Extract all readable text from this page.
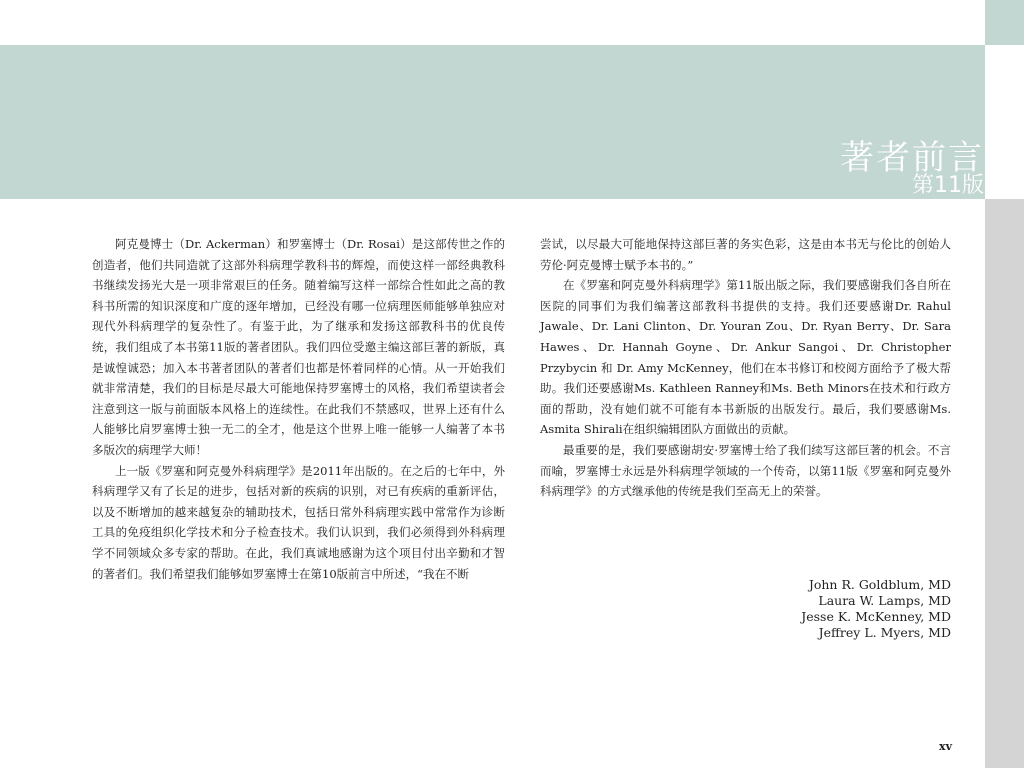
著者前言
第11版

阿克曼博士（Dr. Ackerman）和罗塞博士（Dr. Rosai）是这部传世之作的创造者，他们共同造就了这部外科病理学教科书的辉煌，而使这样一部经典教科书继续发扬光大是一项非常艰巨的任务。随着编写这样一部综合性如此之高的教科书所需的知识深度和广度的逐年增加，已经没有哪一位病理医师能够单独应对现代外科病理学的复杂性了。有鉴于此，为了继承和发扬这部教科书的优良传统，我们组成了本书第11版的著者团队。我们四位受邀主编这部巨著的新版，真是诚惶诚恐；加入本书著者团队的著者们也都是怀着同样的心情。从一开始我们就非常清楚，我们的目标是尽最大可能地保持罗塞博士的风格，我们希望读者会注意到这一版与前面版本风格上的连续性。在此我们不禁感叹，世界上还有什么人能够比肩罗塞博士独一无二的全才，他是这个世界上唯一能够一人编著了本书多版次的病理学大师！

上一版《罗塞和阿克曼外科病理学》是2011年出版的。在之后的七年中，外科病理学又有了长足的进步，包括对新的疾病的识别，对已有疾病的重新评估，以及不断增加的越来越复杂的辅助技术，包括日常外科病理实践中常常作为诊断工具的免疫组织化学技术和分子检查技术。我们认识到，我们必须得到外科病理学不同领域众多专家的帮助。在此，我们真诚地感谢为这个项目付出辛勤和才智的著者们。我们希望我们能够如罗塞博士在第10版前言中所述，“我在不断

尝试，以尽最大可能地保持这部巨著的务实色彩，这是由本书无与伦比的创始人劳伦·阿克曼博士赋予本书的。”

在《罗塞和阿克曼外科病理学》第11版出版之际，我们要感谢我们各自所在医院的同事们为我们编著这部教科书提供的支持。我们还要感谢Dr. Rahul Jawale、Dr. Lani Clinton、Dr. Youran Zou、Dr. Ryan Berry、Dr. Sara Hawes、Dr. Hannah Goyne、Dr. Ankur Sangoi、Dr. Christopher Przybycin 和 Dr. Amy McKenney，他们在本书修订和校阅方面给予了极大帮助。我们还要感谢Ms. Kathleen Ranney和Ms. Beth Minors在技术和行政方面的帮助，没有她们就不可能有本书新版的出版发行。最后，我们要感谢Ms. Asmita Shirali在组织编辑团队方面做出的贡献。

最重要的是，我们要感谢胡安·罗塞博士给了我们续写这部巨著的机会。不言而喻，罗塞博士永远是外科病理学领域的一个传奇，以第11版《罗塞和阿克曼外科病理学》的方式继承他的传统是我们至高无上的荣誉。

John R. Goldblum, MD
Laura W. Lamps, MD
Jesse K. McKenney, MD
Jeffrey L. Myers, MD
xv
